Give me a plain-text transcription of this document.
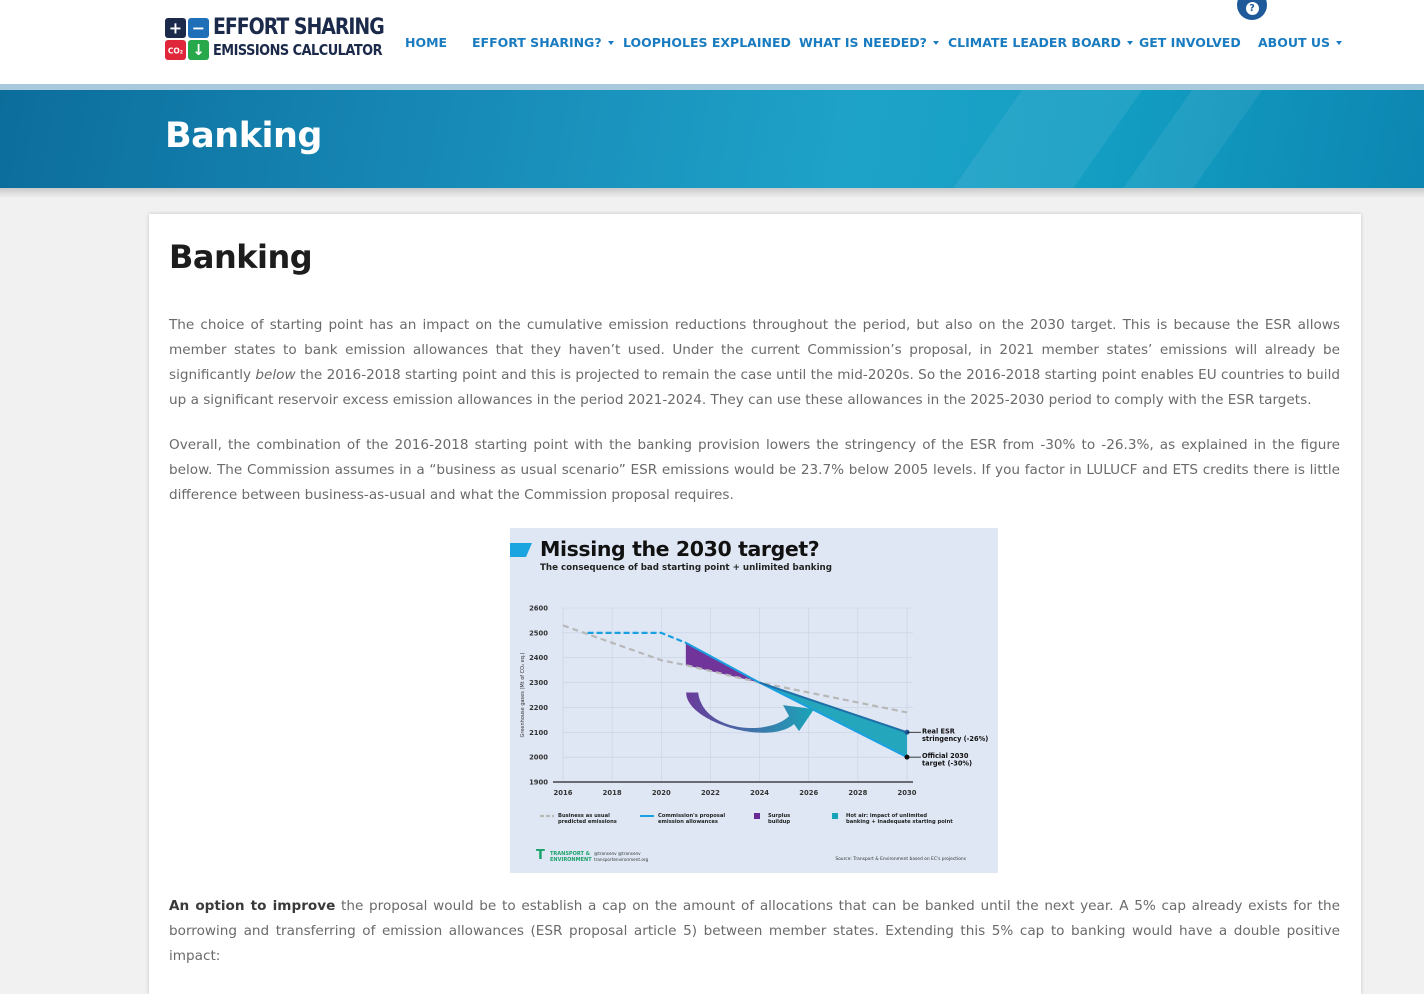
+ −
CO₂ ↓
EFFORT SHARING
EMISSIONS CALCULATOR HOME EFFORT SHARING?	LOOPHOLES EXPLAINED WHAT IS NEEDED?	CLIMATE LEADER BOARD	GET INVOLVED ABOUT US
?
Banking
Banking
The choice of starting point has an impact on the cumulative emission reductions throughout the period, but also on the 2030 target. This is because the ESR allows member states to bank emission allowances that they haven’t used. Under the current Commission’s proposal, in 2021 member states’ emissions will already be significantly below the 2016-2018 starting point and this is projected to remain the case until the mid-2020s. So the 2016-2018 starting point enables EU countries to build up a significant reservoir excess emission allowances in the period 2021-2024. They can use these allowances in the 2025-2030 period to comply with the ESR targets.
Overall, the combination of the 2016-2018 starting point with the banking provision lowers the stringency of the ESR from -30% to -26.3%, as explained in the figure below. The Commission assumes in a “business as usual scenario” ESR emissions would be 23.7% below 2005 levels. If you factor in LULUCF and ETS credits there is little difference between business-as-usual and what the Commission proposal requires.
Missing the 2030 target?
The consequence of bad starting point + unlimited banking
2600
2500
2400
2300
2200
2100
2000
1900
2016	2018	2020	2022	2024	2026	2028	2030
Greenhouse gases (Mt of CO₂ eq.)	Real ESR
stringency (-26%)
Official 2030
target (-30%)
Business as usual
predicted emissions
Commission's proposal
emission allowances
Surplus
buildup
Hot air: impact of unlimited
banking + inadequate starting point
T TRANSPORT &
ENVIRONMENT
@transenv @transenv
transportenvironment.org	Source: Transport & Environment based on EC's projections
An option to improve the proposal would be to establish a cap on the amount of allocations that can be banked until the next year. A 5% cap already exists for the borrowing and transferring of emission allowances (ESR proposal article 5) between member states. Extending this 5% cap to banking would have a double positive impact:
